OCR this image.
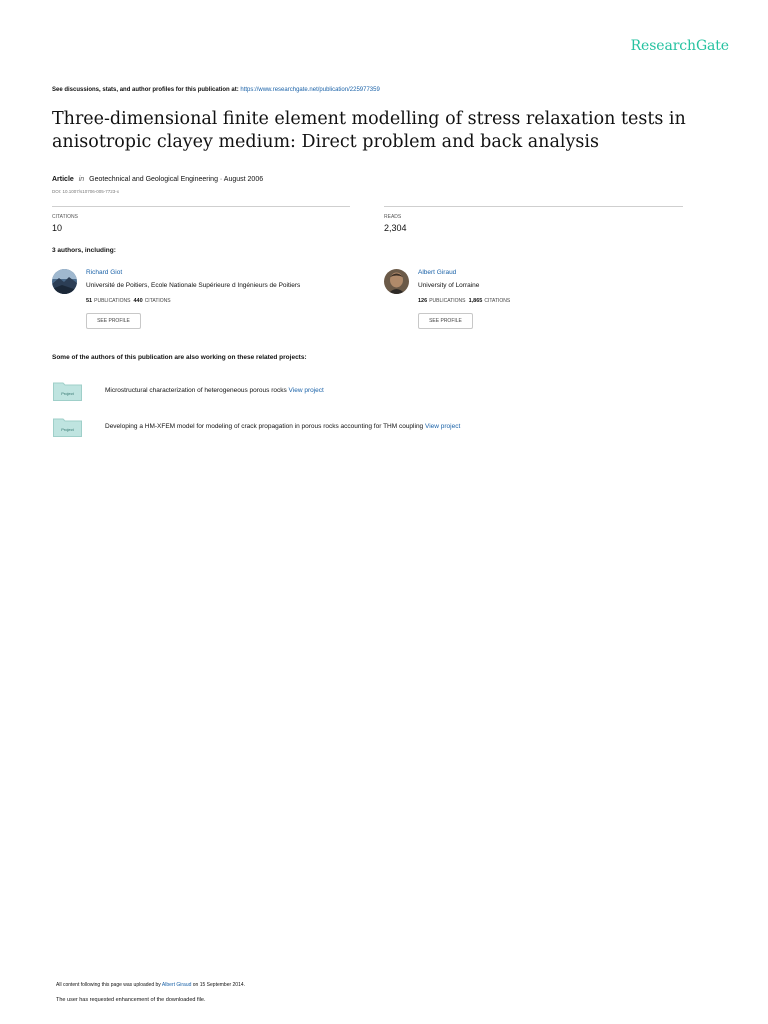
ResearchGate
See discussions, stats, and author profiles for this publication at: https://www.researchgate.net/publication/225977359
Three-dimensional finite element modelling of stress relaxation tests in anisotropic clayey medium: Direct problem and back analysis
Article in Geotechnical and Geological Engineering · August 2006
DOI: 10.1007/s10706-005-7723-x
CITATIONS
10
READS
2,304
3 authors, including:
Richard Giot
Université de Poitiers, Ecole Nationale Supérieure d Ingénieurs de Poitiers
51 PUBLICATIONS 440 CITATIONS
SEE PROFILE
Albert Giraud
University of Lorraine
126 PUBLICATIONS 1,865 CITATIONS
SEE PROFILE
Some of the authors of this publication are also working on these related projects:
Project	Microstructural characterization of heterogeneous porous rocks View project
Project	Developing a HM-XFEM model for modeling of crack propagation in porous rocks accounting for THM coupling View project
All content following this page was uploaded by Albert Giraud on 15 September 2014.
The user has requested enhancement of the downloaded file.
